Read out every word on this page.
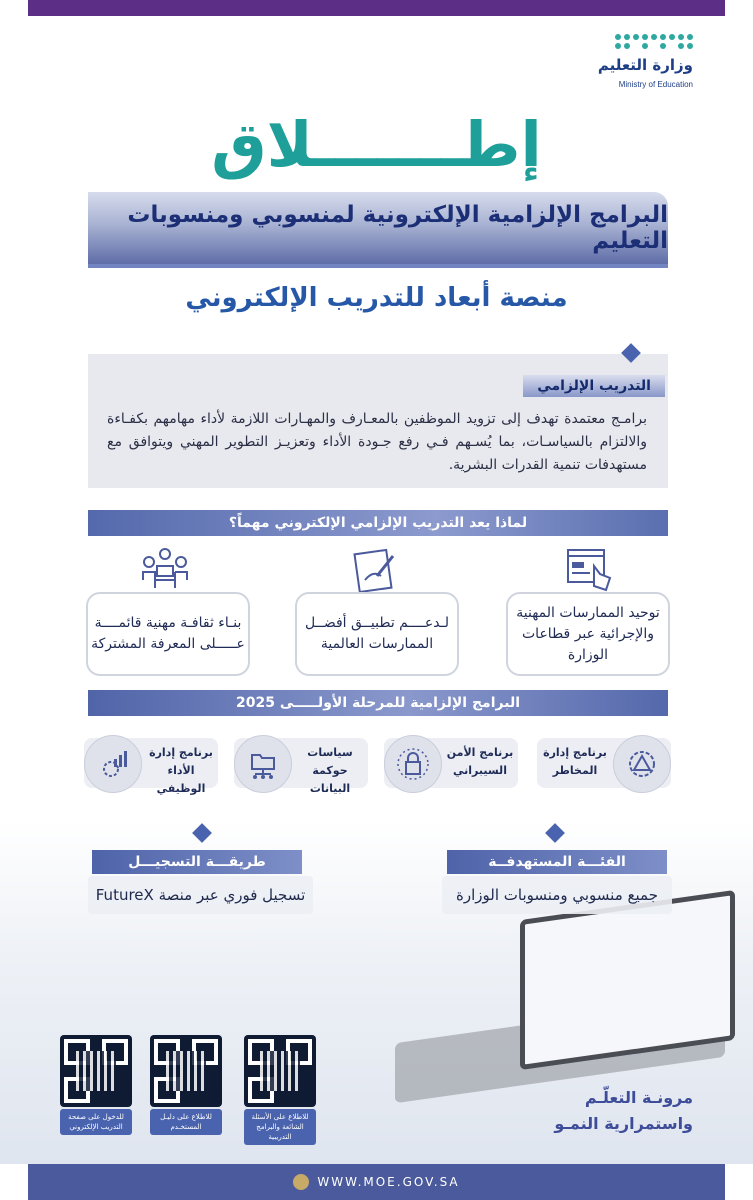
وزارة التعليم
Ministry of Education
إطـــــــلاق
البرامج الإلزامية الإلكترونية لمنسوبي ومنسوبات التعليم
منصة أبعاد للتدريب الإلكتروني
التدريب الإلزامي
برامـج معتمدة تهدف إلى تزويد الموظفين بالمعـارف والمهـارات اللازمة لأداء مهامهم بكفـاءة والالتزام بالسياسـات، بما يُسـهم فـي رفع جـودة الأداء وتعزيـز التطوير المهني ويتوافق مع مستهدفات تنمية القدرات البشرية.
لماذا يعد التدريب الإلزامي الإلكتروني مهماً؟
توحيد الممارسات المهنية والإجرائية عبر قطاعات الوزارة
لـدعــــم تطبيــق أفضــل الممارسات العالمية
بنـاء ثقافـة مهنية قائمــــة عـــــلى المعرفة المشتركة
البرامج الإلزامية للمرحلة الأولـــــى 2025
برنامج إدارة المخاطر
برنامج الأمن السيبراني
سياسات حوكمة البيانات
برنامج إدارة الأداء الوظيفي
الفئـــة المستهدفــة
جميع منسوبي ومنسوبات الوزارة
طريقـــة التسجيـــل
تسجيل فوري عبر منصة FutureX
للاطلاع على الأسئلة الشائعة والبرامج التدريبية
للاطلاع على دليـل المستخـدم
للدخول على صفحة التدريب الإلكتروني
مرونـة التعلّـم
واستمرارية النمـو
WWW.MOE.GOV.SA
